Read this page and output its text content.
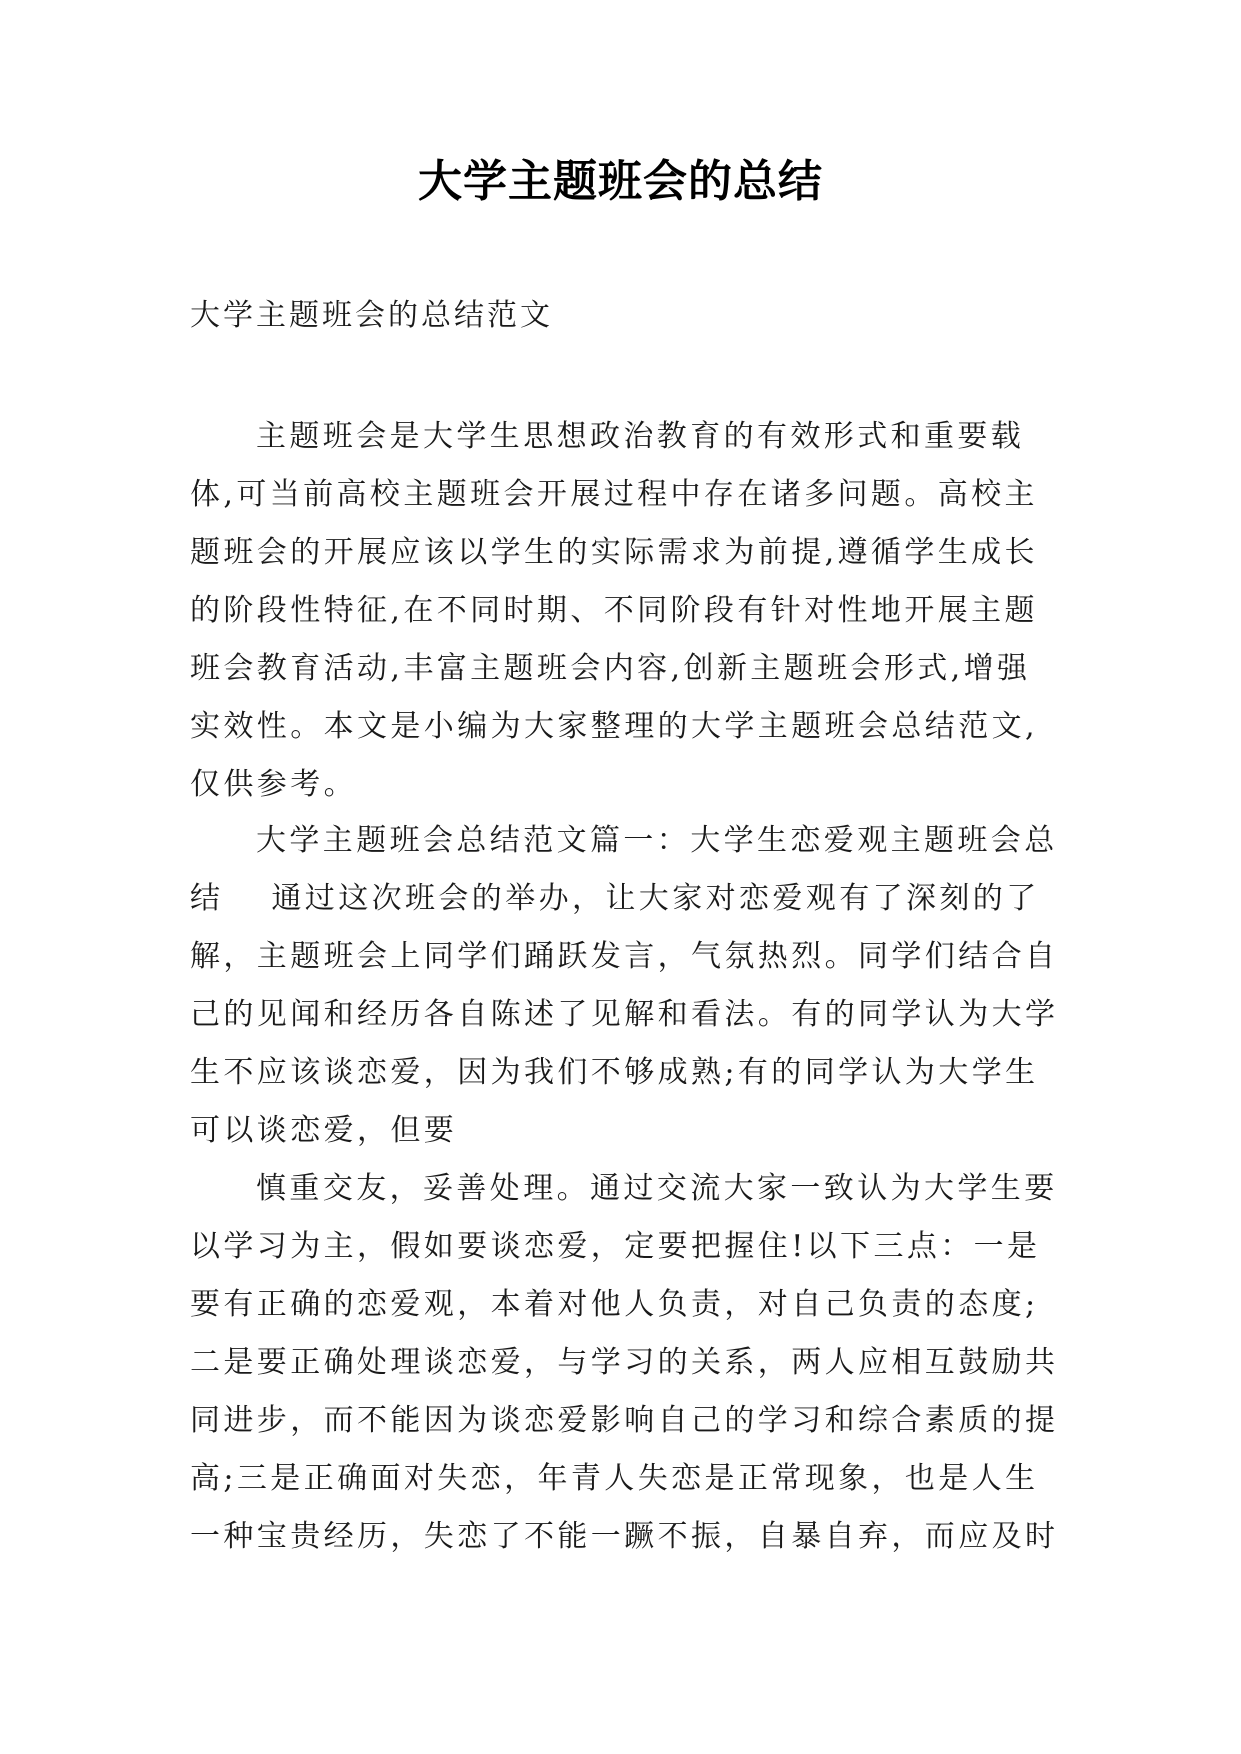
大学主题班会的总结
大学主题班会的总结范文
主题班会是大学生思想政治教育的有效形式和重要载
体,可当前高校主题班会开展过程中存在诸多问题。高校主
题班会的开展应该以学生的实际需求为前提,遵循学生成长
的阶段性特征,在不同时期、不同阶段有针对性地开展主题
班会教育活动,丰富主题班会内容,创新主题班会形式,增强
实效性。本文是小编为大家整理的大学主题班会总结范文,
仅供参考。
大学主题班会总结范文篇一：大学生恋爱观主题班会总
结 通过这次班会的举办，让大家对恋爱观有了深刻的了
解，主题班会上同学们踊跃发言，气氛热烈。同学们结合自
己的见闻和经历各自陈述了见解和看法。有的同学认为大学
生不应该谈恋爱，因为我们不够成熟;有的同学认为大学生
可以谈恋爱，但要
慎重交友，妥善处理。通过交流大家一致认为大学生要
以学习为主，假如要谈恋爱，定要把握住!以下三点：一是
要有正确的恋爱观，本着对他人负责，对自己负责的态度;
二是要正确处理谈恋爱，与学习的关系，两人应相互鼓励共
同进步，而不能因为谈恋爱影响自己的学习和综合素质的提
高;三是正确面对失恋，年青人失恋是正常现象，也是人生
一种宝贵经历，失恋了不能一蹶不振，自暴自弃，而应及时
